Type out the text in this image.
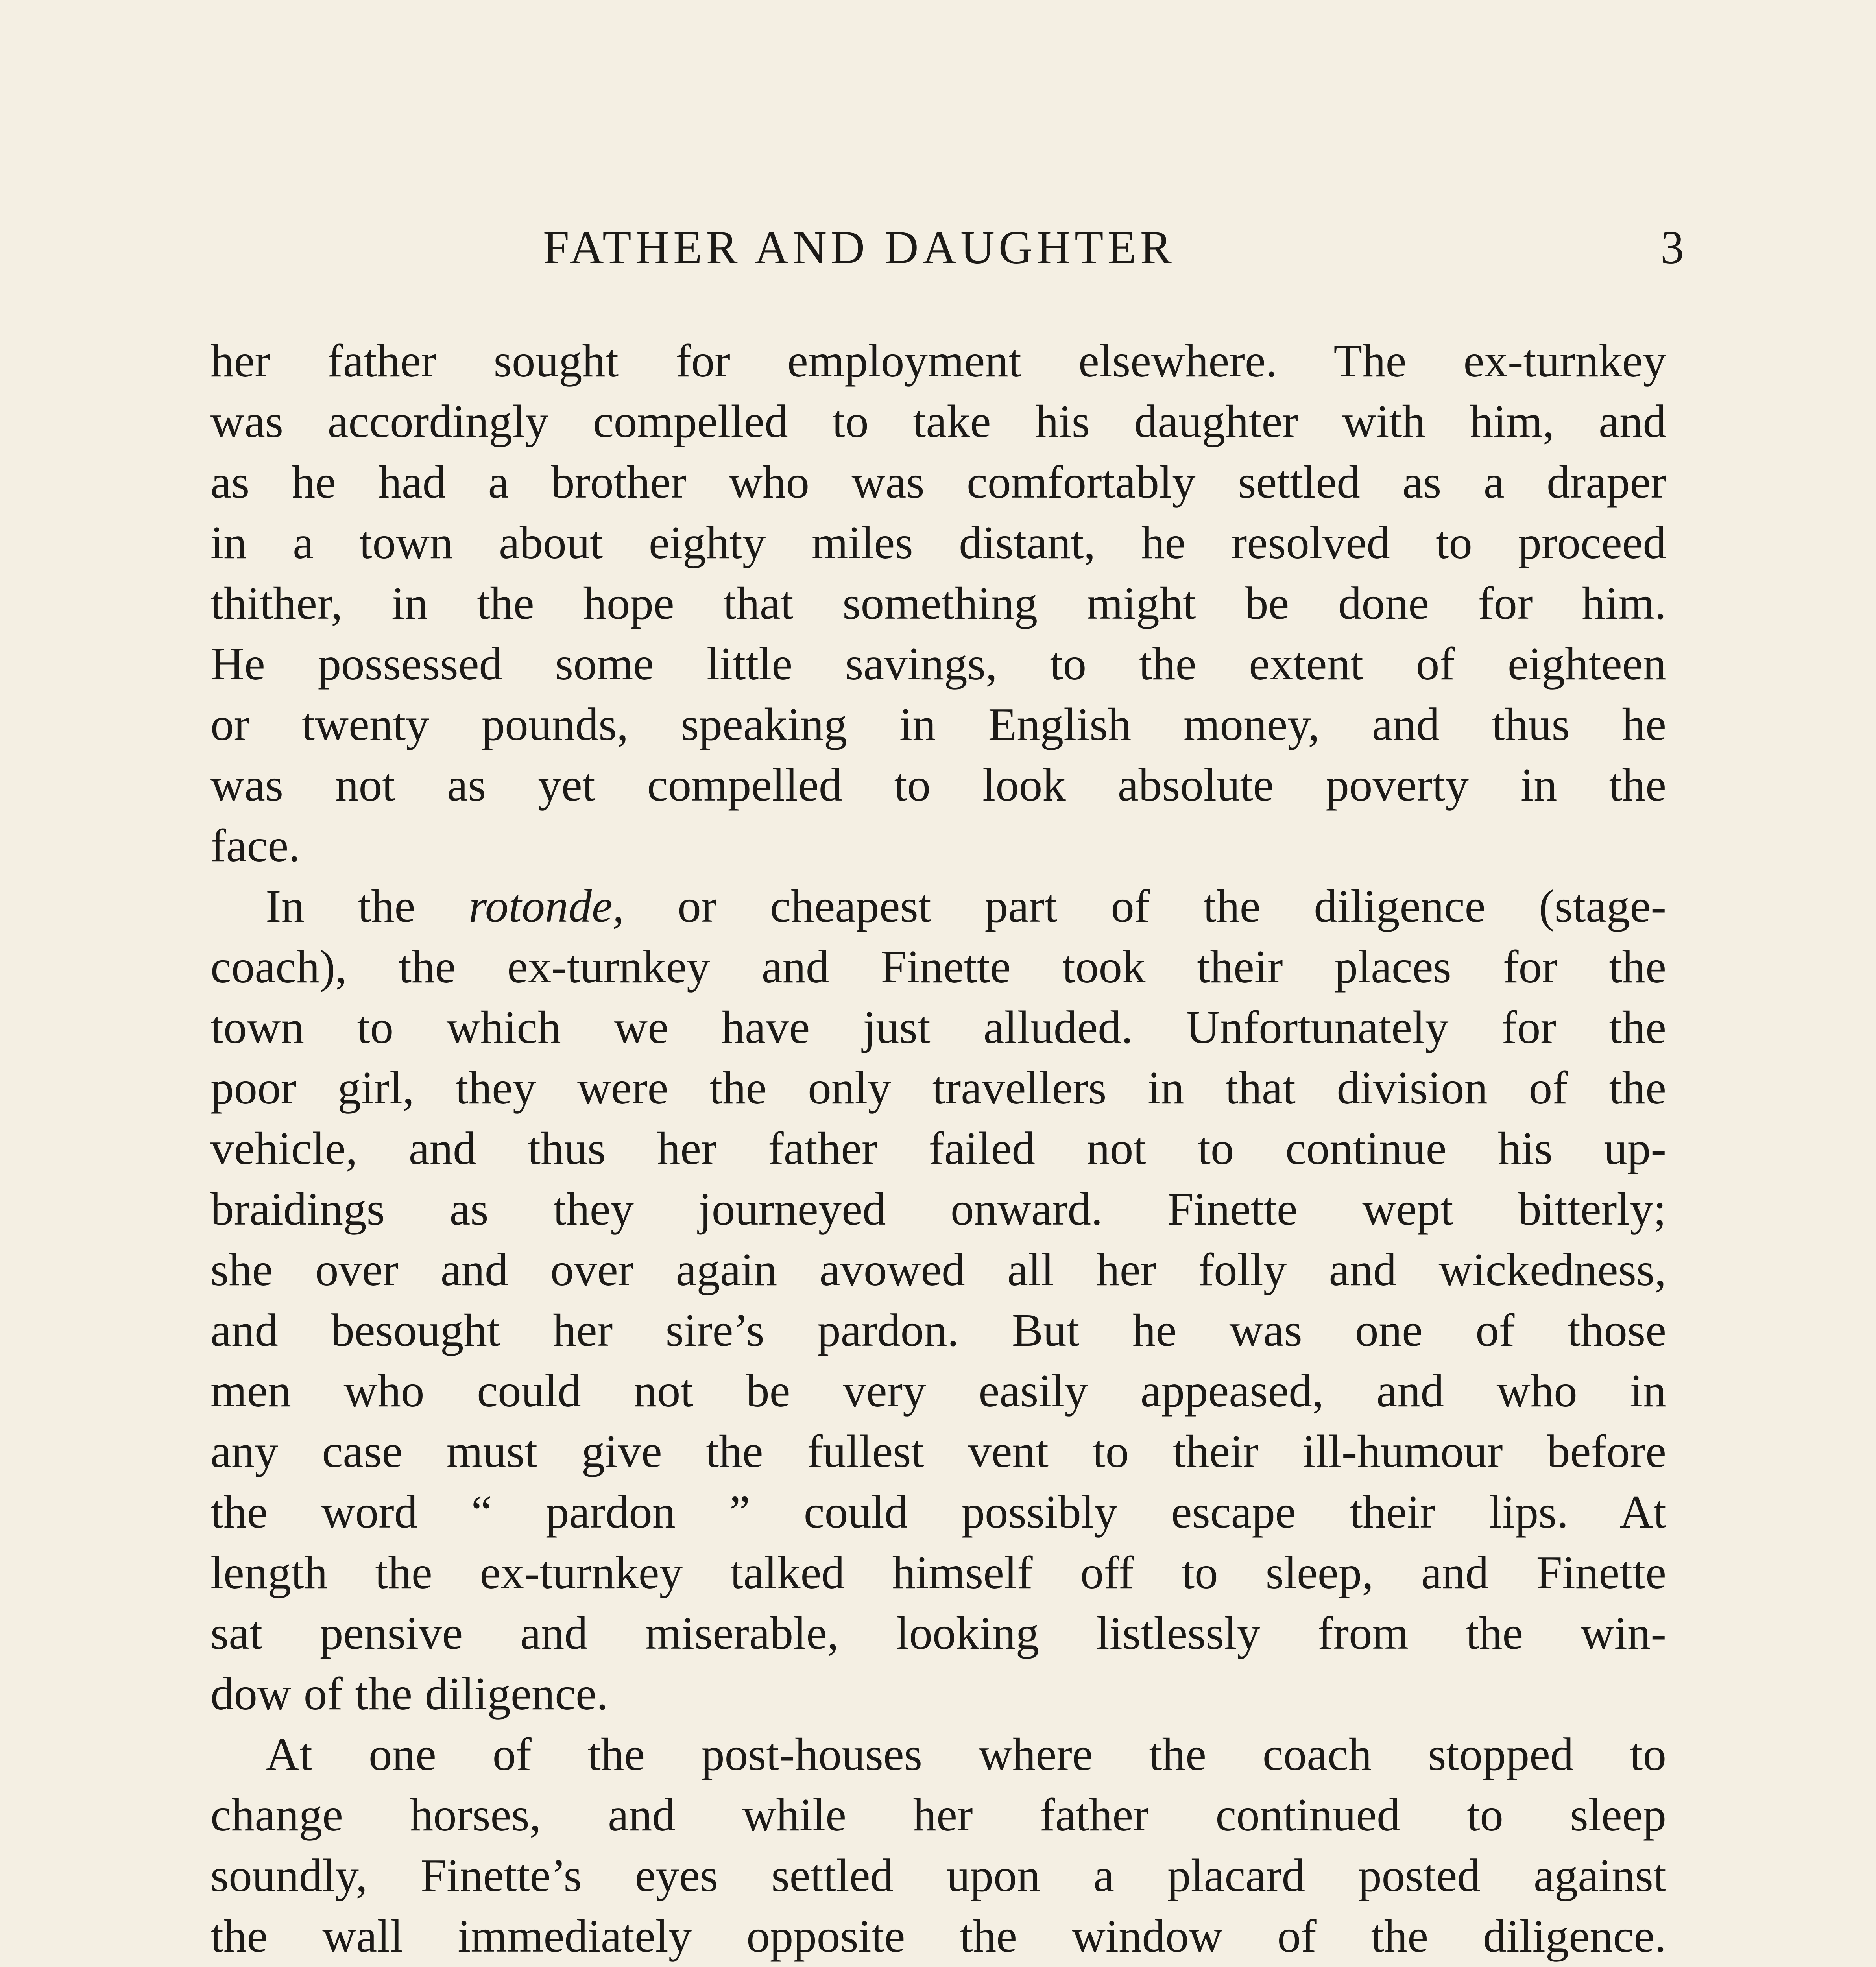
FATHER AND DAUGHTER	3
her father sought for employment elsewhere. The ex-turnkey
was accordingly compelled to take his daughter with him, and
as he had a brother who was comfortably settled as a draper
in a town about eighty miles distant, he resolved to proceed
thither, in the hope that something might be done for him.
He possessed some little savings, to the extent of eighteen
or twenty pounds, speaking in English money, and thus he
was not as yet compelled to look absolute poverty in the
face.
In the rotonde, or cheapest part of the diligence (stage-
coach), the ex-turnkey and Finette took their places for the
town to which we have just alluded. Unfortunately for the
poor girl, they were the only travellers in that division of the
vehicle, and thus her father failed not to continue his up-
braidings as they journeyed onward. Finette wept bitterly;
she over and over again avowed all her folly and wickedness,
and besought her sire’s pardon. But he was one of those
men who could not be very easily appeased, and who in
any case must give the fullest vent to their ill-humour before
the word “ pardon ” could possibly escape their lips. At
length the ex-turnkey talked himself off to sleep, and Finette
sat pensive and miserable, looking listlessly from the win-
dow of the diligence.
At one of the post-houses where the coach stopped to
change horses, and while her father continued to sleep
soundly, Finette’s eyes settled upon a placard posted against
the wall immediately opposite the window of the diligence.
